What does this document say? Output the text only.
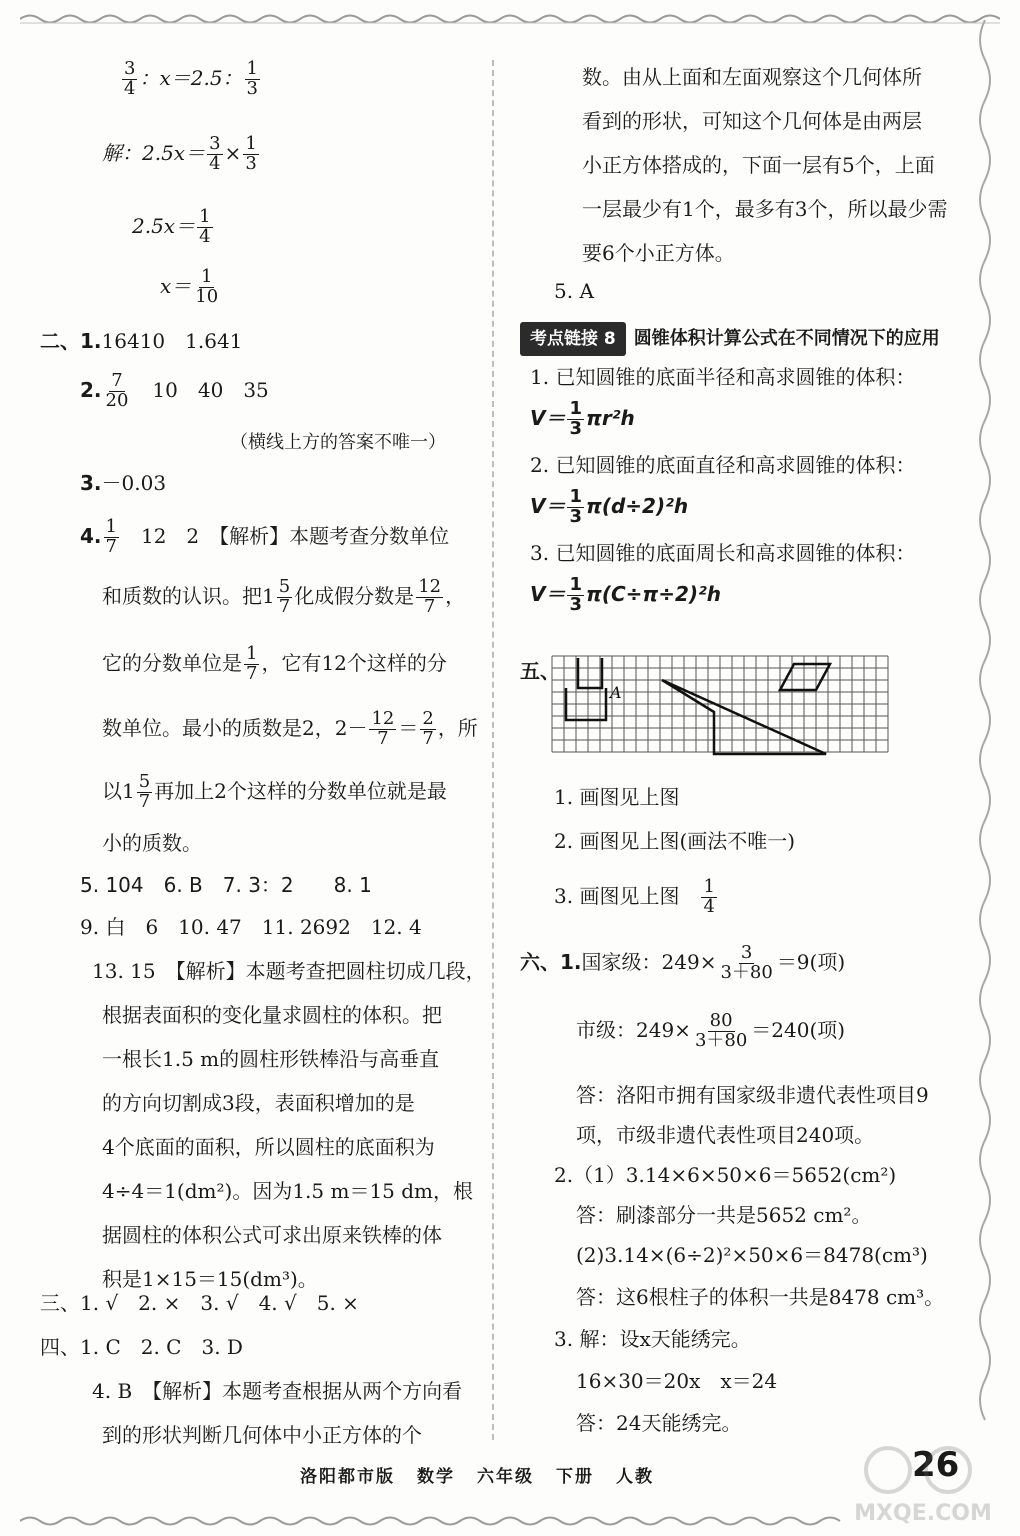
$\frac{3}{4}$ ：x＝2.5： $\frac{1}{3}$
解：$2.5x= \frac{3}{4} \times \frac{1}{3}$
$2.5x= \frac{1}{4}$
$x= \frac{1}{10}$
二、1.16410　1.641
2. $\frac{7}{20}$
　 10　40　35
（横线上方的答案不唯一）
3.－0.03
4. $\frac{1}{7}$
　 12　2　【解析】本题考查分数单位
和质数的认识。把$1 \frac{5}{7}$ 化成假分数是 $\frac{12}{7}$ ，
它的分数单位是 $\frac{1}{7}$ ，它有12个这样的分
数单位。最小的质数是2，$2- \frac{12}{7} = \frac{2}{7}$ ，所
以$1 \frac{5}{7}$ 再加上2个这样的分数单位就是最
小的质数。
5. 104　6. B　7. 3：2　　8. 1
9. 白　6　10. 47　11. 2692　12. 4
13. 15　【解析】本题考查把圆柱切成几段，
根据表面积的变化量求圆柱的体积。把
一根长1.5 m的圆柱形铁棒沿与高垂直
的方向切割成3段，表面积增加的是
4个底面的面积，所以圆柱的底面积为
4÷4＝1(dm²)。因为1.5 m＝15 dm，根
据圆柱的体积公式可求出原来铁棒的体
积是1×15＝15(dm³)。
三、1. √　2. ×　3. √　4. √　5. ×
四、1. C　2. C　3. D
4. B　【解析】本题考查根据从两个方向看
到的形状判断几何体中小正方体的个
数。由从上面和左面观察这个几何体所
看到的形状，可知这个几何体是由两层
小正方体搭成的，下面一层有5个，上面
一层最少有1个，最多有3个，所以最少需
要6个小正方体。
5. A
考点链接 8 圆锥体积计算公式在不同情况下的应用
1. 已知圆锥的底面半径和高求圆锥的体积：
$V= \frac{1}{3} \pi r^2h$
2. 已知圆锥的底面直径和高求圆锥的体积：
$V= \frac{1}{3} \pi(d\div 2)^2h$
3. 已知圆锥的底面周长和高求圆锥的体积：
$V= \frac{1}{3} \pi(C\div\pi\div 2)^2h$
五、
A
1. 画图见上图
2. 画图见上图(画法不唯一)
3. 画图见上图　 $\frac{1}{4}$
六、1.国家级：$249\times \frac{3}{3+80} =9$(项)
市级：$249\times \frac{80}{3+80} =240$(项)
答：洛阳市拥有国家级非遗代表性项目9
项，市级非遗代表性项目240项。
2.（1）3.14×6×50×6＝5652(cm²)
答：刷漆部分一共是5652 cm²。
(2)3.14×(6÷2)²×50×6＝8478(cm³)
答：这6根柱子的体积一共是8478 cm³。
3. 解：设x天能绣完。
16×30＝20x　x＝24
答：24天能绣完。
洛阳都市版 数学 六年级 下册 人教	26
MXQE.COM
